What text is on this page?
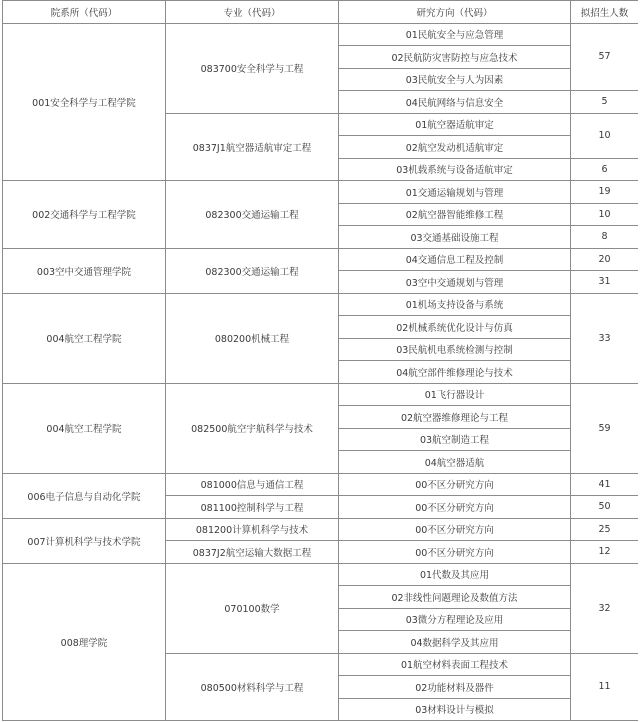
院系所（代码）	专业（代码）	研究方向（代码）	拟招生人数
001安全科学与工程学院	083700安全科学与工程	01民航安全与应急管理	57
		02民航防灾害防控与应急技术	
		03民航安全与人为因素	
		04民航网络与信息安全	5
	0837J1航空器适航审定工程	01航空器适航审定	10
		02航空发动机适航审定	
		03机载系统与设备适航审定	6
002交通科学与工程学院	082300交通运输工程	01交通运输规划与管理	19
		02航空器智能维修工程	10
		03交通基础设施工程	8
003空中交通管理学院	082300交通运输工程	04交通信息工程及控制	20
		03空中交通规划与管理	31
004航空工程学院	080200机械工程	01机场支持设备与系统	33
		02机械系统优化设计与仿真	
		03民航机电系统检测与控制	
		04航空部件维修理论与技术	
004航空工程学院	082500航空宇航科学与技术	01飞行器设计	59
		02航空器维修理论与工程	
		03航空制造工程	
		04航空器适航	
006电子信息与自动化学院	081000信息与通信工程	00不区分研究方向	41
	081100控制科学与工程	00不区分研究方向	50
007计算机科学与技术学院	081200计算机科学与技术	00不区分研究方向	25
	0837J2航空运输大数据工程	00不区分研究方向	12
008理学院	070100数学	01代数及其应用	32
		02非线性问题理论及数值方法	
		03微分方程理论及应用	
		04数据科学及其应用	
	080500材料科学与工程	01航空材料表面工程技术	11
		02功能材料及器件	
		03材料设计与模拟	
